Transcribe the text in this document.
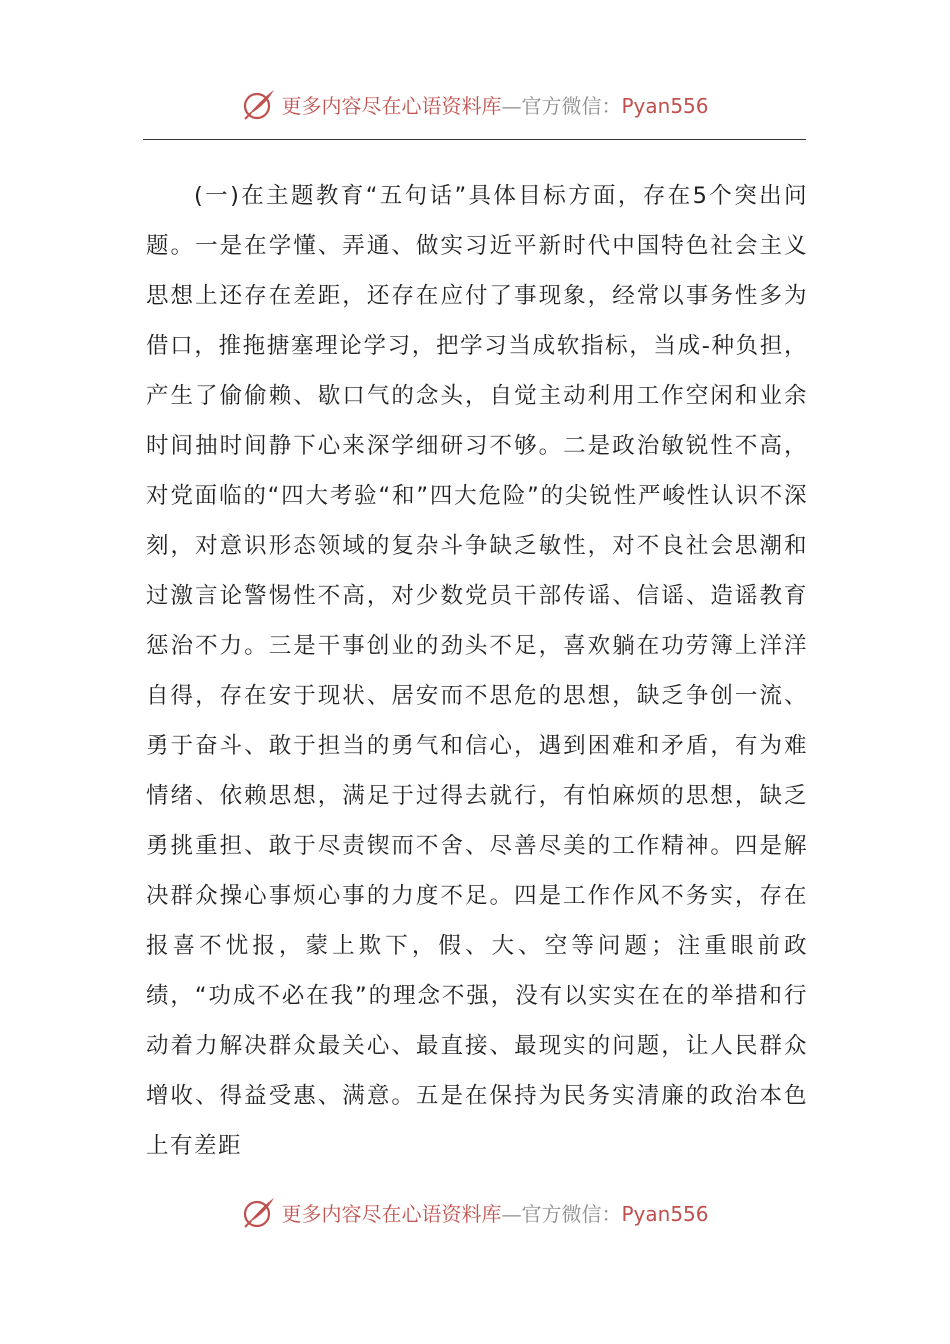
更多内容尽在心语资料库—官方微信：Pyan556

(一)在主题教育“五句话”具体目标方面，存在5个突出问题。一是在学懂、弄通、做实习近平新时代中国特色社会主义思想上还存在差距，还存在应付了事现象，经常以事务性多为借口，推拖搪塞理论学习，把学习当成软指标，当成-种负担，产生了偷偷赖、歇口气的念头，自觉主动利用工作空闲和业余时间抽时间静下心来深学细研习不够。二是政治敏锐性不高，对党面临的“四大考验“和”四大危险”的尖锐性严峻性认识不深刻，对意识形态领域的复杂斗争缺乏敏性，对不良社会思潮和过激言论警惕性不高，对少数党员干部传谣、信谣、造谣教育惩治不力。三是干事创业的劲头不足，喜欢躺在功劳簿上洋洋自得，存在安于现状、居安而不思危的思想，缺乏争创一流、勇于奋斗、敢于担当的勇气和信心，遇到困难和矛盾，有为难情绪、依赖思想，满足于过得去就行，有怕麻烦的思想，缺乏勇挑重担、敢于尽责锲而不舍、尽善尽美的工作精神。四是解决群众操心事烦心事的力度不足。四是工作作风不务实，存在报喜不忧报，蒙上欺下，假、大、空等问题；注重眼前政绩，“功成不必在我”的理念不强，没有以实实在在的举措和行动着力解决群众最关心、最直接、最现实的问题，让人民群众增收、得益受惠、满意。五是在保持为民务实清廉的政治本色上有差距

更多内容尽在心语资料库—官方微信：Pyan556
